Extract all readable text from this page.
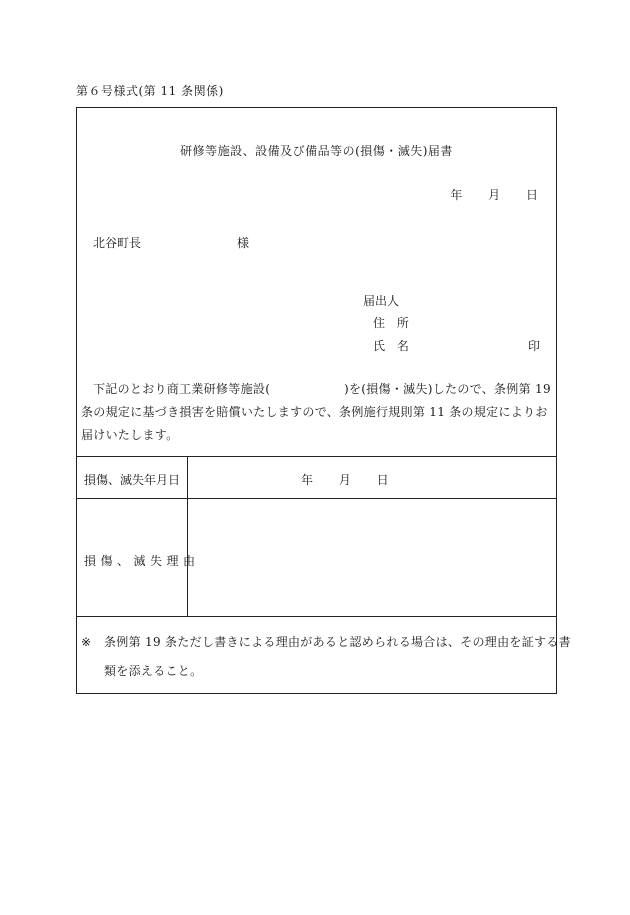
第６号様式(第 11 条関係)
研修等施設、設備及び備品等の(損傷・滅失)届書
年 月 日
北谷町長	様
届出人
住 所
氏 名	印
下記のとおり商工業研修等施設(　　　　　　)を(損傷・滅失)したので、条例第 19 条の規定に基づき損害を賠償いたしますので、条例施行規則第 11 条の規定によりお届けいたします。
損傷、滅失年月日	年 月 日
損傷、滅失理由
※ 条例第 19 条ただし書きによる理由があると認められる場合は、その理由を証する書類を添えること。
